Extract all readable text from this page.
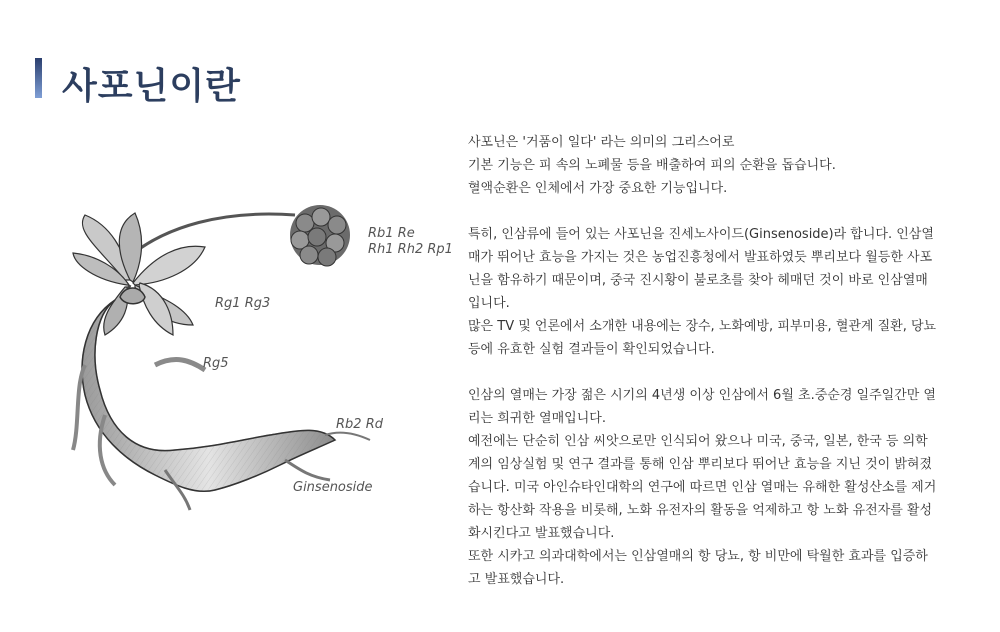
사포닌이란
Rb1 Re
Rh1 Rh2 Rp1
Rg1 Rg3
Rg5
Rb2 Rd
Ginsenoside

사포닌은 '거품이 일다' 라는 의미의 그리스어로

기본 기능은 피 속의 노폐물 등을 배출하여 피의 순환을 돕습니다.

혈액순환은 인체에서 가장 중요한 기능입니다.

특히, 인삼류에 들어 있는 사포닌을 진세노사이드(Ginsenoside)라 합니다. 인삼열

매가 뛰어난 효능을 가지는 것은 농업진흥청에서 발표하였듯 뿌리보다 월등한 사포

닌을 함유하기 때문이며, 중국 진시황이 불로초를 찾아 헤매던 것이 바로 인삼열매

입니다.

많은 TV 및 언론에서 소개한 내용에는 장수, 노화예방, 피부미용, 혈관계 질환, 당뇨

등에 유효한 실험 결과들이 확인되었습니다.

인삼의 열매는 가장 젊은 시기의 4년생 이상 인삼에서 6월 초.중순경 일주일간만 열

리는 희귀한 열매입니다.

예전에는 단순히 인삼 씨앗으로만 인식되어 왔으나 미국, 중국, 일본, 한국 등 의학

계의 임상실험 및 연구 결과를 통해 인삼 뿌리보다 뛰어난 효능을 지닌 것이 밝혀졌

습니다. 미국 아인슈타인대학의 연구에 따르면 인삼 열매는 유해한 활성산소를 제거

하는 항산화 작용을 비롯해, 노화 유전자의 활동을 억제하고 항 노화 유전자를 활성

화시킨다고 발표했습니다.

또한 시카고 의과대학에서는 인삼열매의 항 당뇨, 항 비만에 탁월한 효과를 입증하

고 발표했습니다.
